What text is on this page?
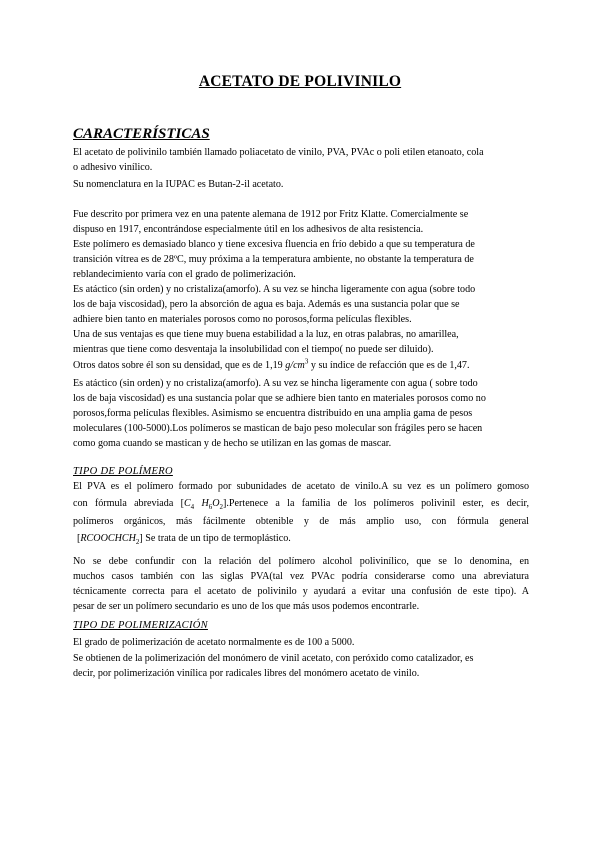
ACETATO DE POLIVINILO
CARACTERÍSTICAS
El acetato de polivinilo también llamado poliacetato de vinilo, PVA, PVAc o poli etilen etanoato, cola
o adhesivo vinílico.
Su nomenclatura en la IUPAC es Butan-2-il acetato.
Fue descrito por primera vez en una patente alemana de 1912 por Fritz Klatte. Comercialmente se
dispuso en 1917, encontrándose especialmente útil en los adhesivos de alta resistencia.
Este polímero es demasiado blanco y tiene excesiva fluencia en frío debido a que su temperatura de
transición vítrea es de 28ºC, muy próxima a la temperatura ambiente, no obstante la temperatura de
reblandecimiento varía con el grado de polimerización.
Es atáctico (sin orden) y no cristaliza(amorfo). A su vez se hincha ligeramente con agua (sobre todo
los de baja viscosidad), pero la absorción de agua es baja. Además es una sustancia polar que se
adhiere bien tanto en materiales porosos como no porosos,forma películas flexibles.
Una de sus ventajas es que tiene muy buena estabilidad a la luz, en otras palabras, no amarillea,
mientras que tiene como desventaja la insolubilidad con el tiempo( no puede ser diluido).
Otros datos sobre él son su densidad, que es de 1,19 $g/cm^3$ y su índice de refacción que es de 1,47.
Es atáctico (sin orden) y no cristaliza(amorfo). A su vez se hincha ligeramente con agua ( sobre todo
los de baja viscosidad) es una sustancia polar que se adhiere bien tanto en materiales porosos como no
porosos,forma películas flexibles. Asimismo se encuentra distribuido en una amplia gama de pesos
moleculares (100-5000).Los polímeros se mastican de bajo peso molecular son frágiles pero se hacen
como goma cuando se mastican y de hecho se utilizan en las gomas de mascar.
TIPO DE POLÍMERO
El PVA es el polímero formado por subunidades de acetato de vinilo.A su vez es un polímero gomoso
con fórmula abreviada [$C_4$ $H_6O_2].Pertenece$ a la familia de los polímeros polivinil ester, es decir,
polímeros orgánicos, más fácilmente obtenible y de más amplio uso, con fórmula general
$[RCOOCHCH_2]$ Se trata de un tipo de termoplástico.
No se debe confundir con la relación del polímero alcohol polivinílico, que se lo denomina, en
muchos casos también con las siglas PVA(tal vez PVAc podría considerarse como una abreviatura
técnicamente correcta para el acetato de polivinilo y ayudará a evitar una confusión de este tipo). A
pesar de ser un polímero secundario es uno de los que más usos podemos encontrarle.
TIPO DE POLIMERIZACIÓN
El grado de polimerización de acetato normalmente es de 100 a 5000.
Se obtienen de la polimerización del monómero de vinil acetato, con peróxido como catalizador, es
decir, por polimerización vinílica por radicales libres del monómero acetato de vinilo.
